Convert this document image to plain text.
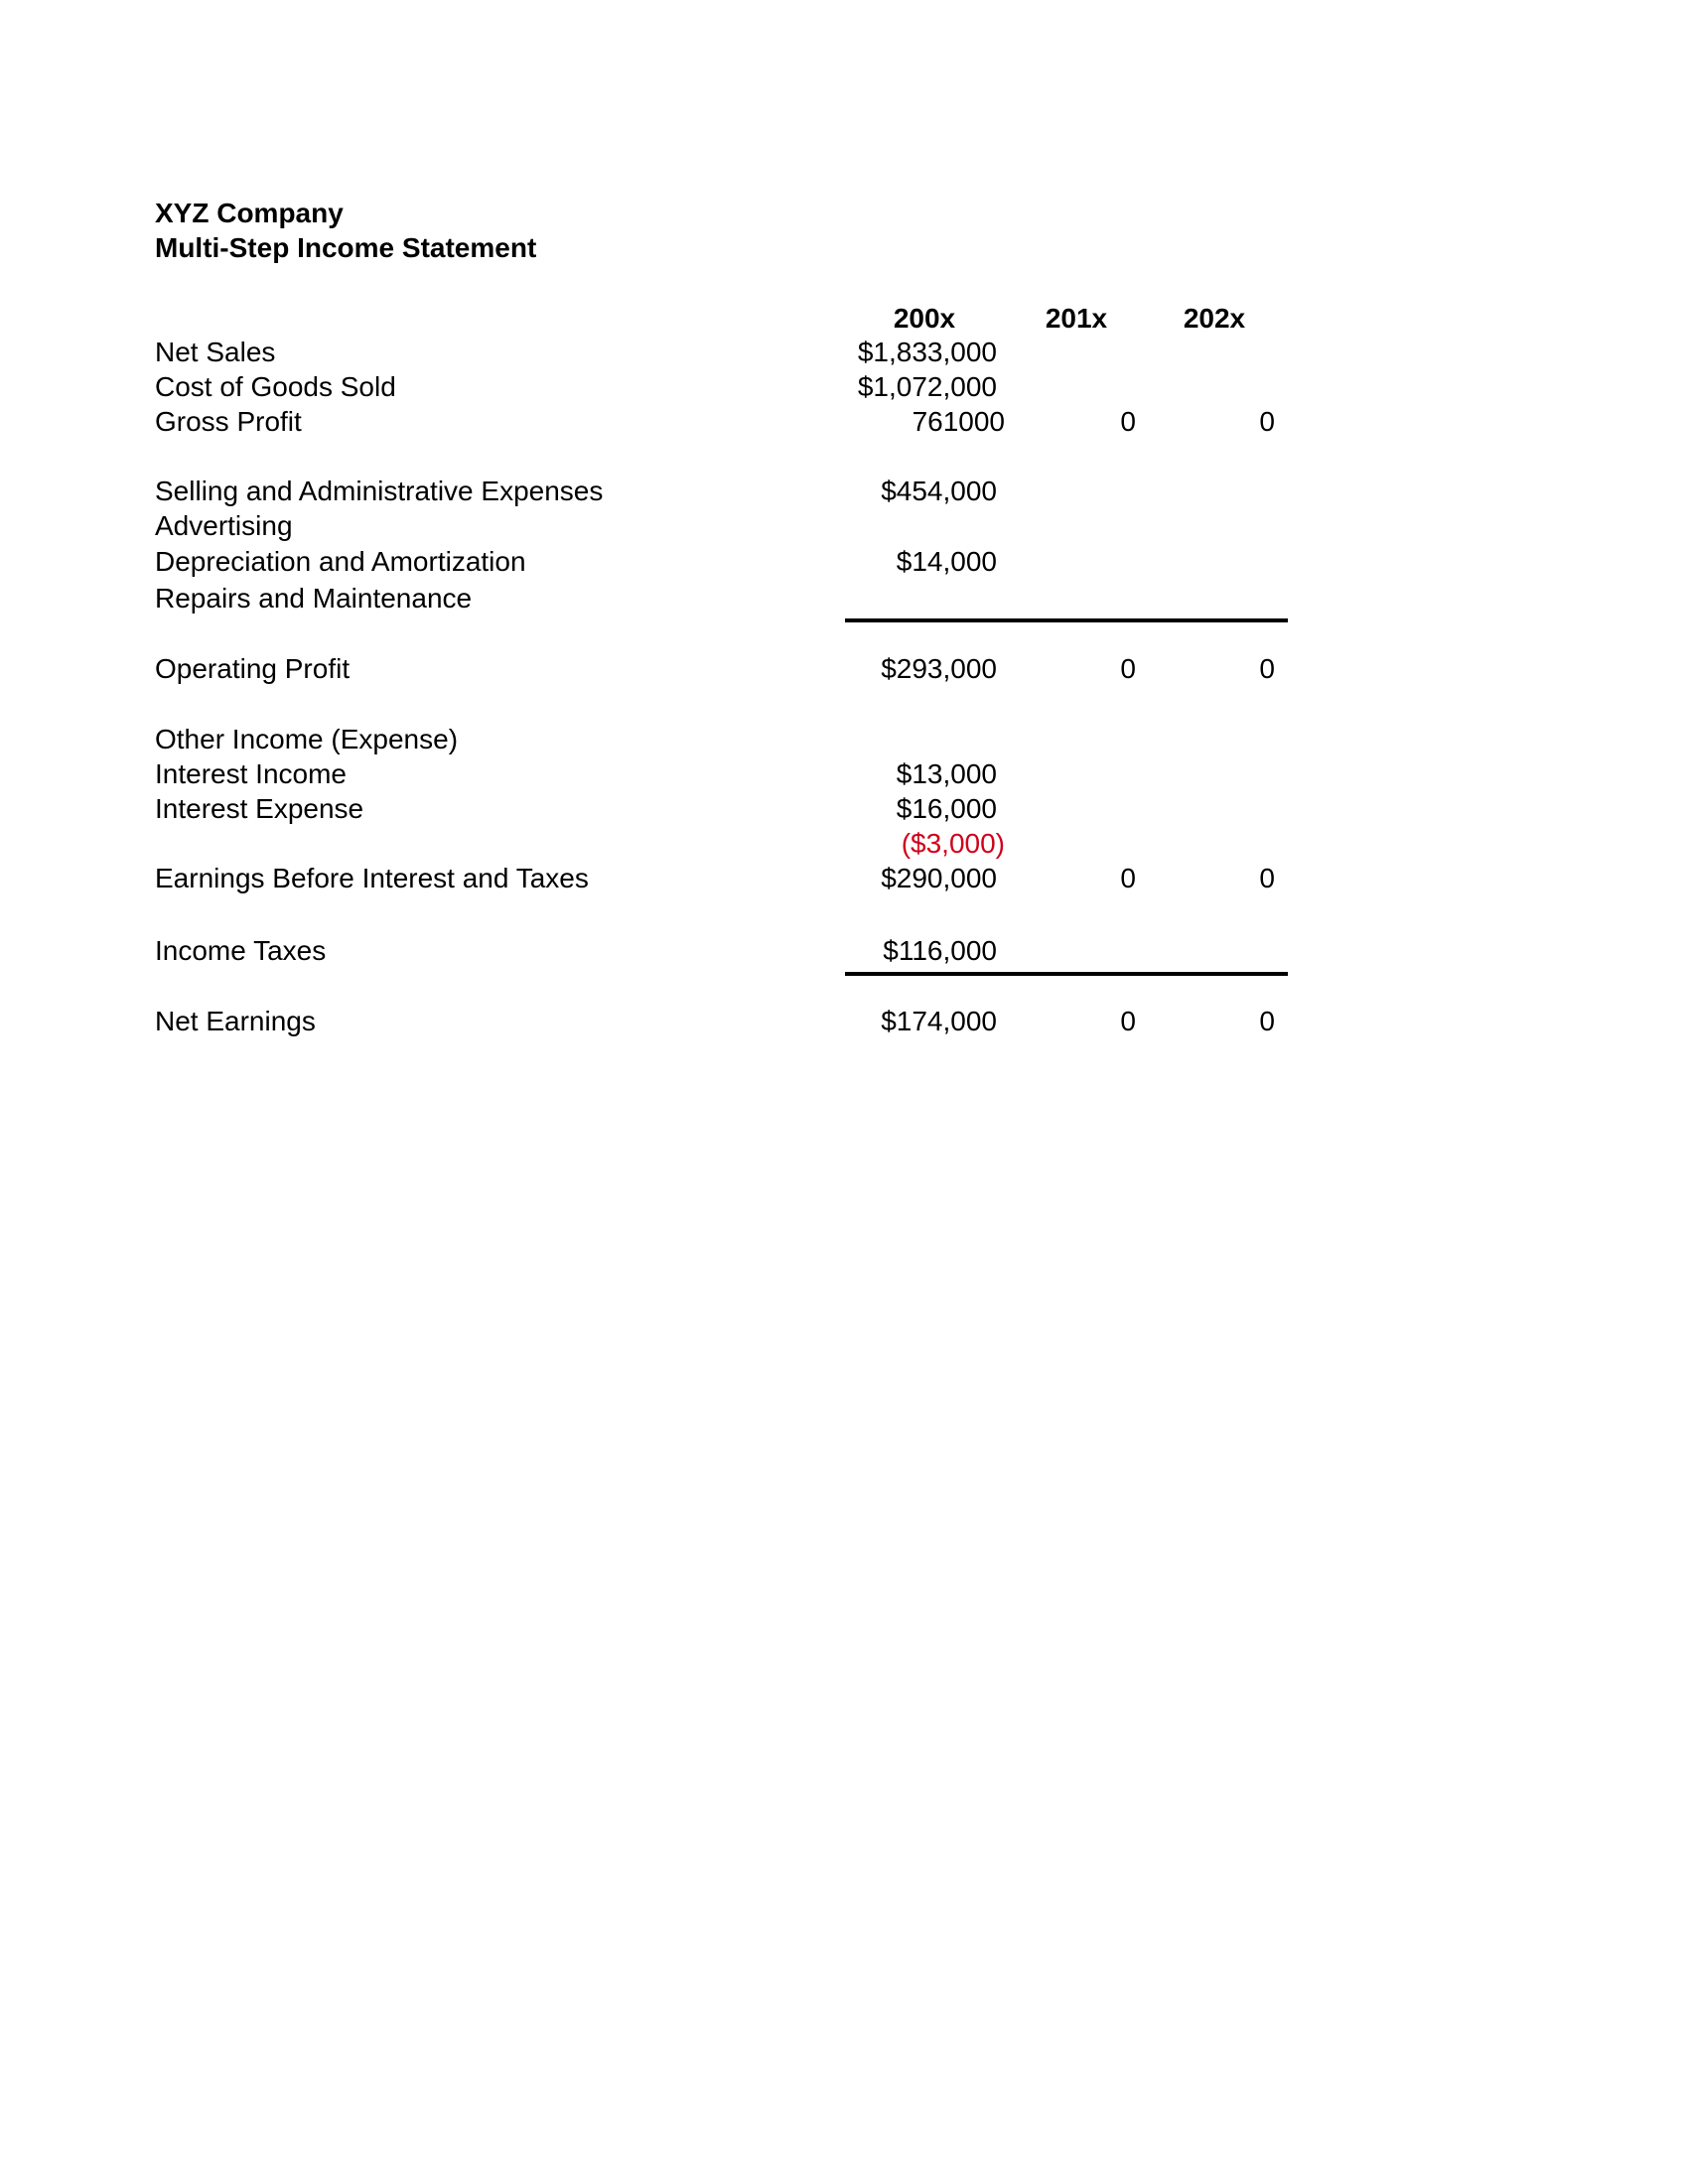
XYZ Company
Multi-Step Income Statement
200x	201x	202x
Net Sales	$1,833,000
Cost of Goods Sold	$1,072,000
Gross Profit	761000	0	0
Selling and Administrative Expenses	$454,000
Advertising
Depreciation and Amortization	$14,000
Repairs and Maintenance
Operating Profit	$293,000	0	0
Other Income (Expense)
Interest Income	$13,000
Interest Expense	$16,000
($3,000)
Earnings Before Interest and Taxes	$290,000	0	0
Income Taxes	$116,000
Net Earnings	$174,000	0	0
